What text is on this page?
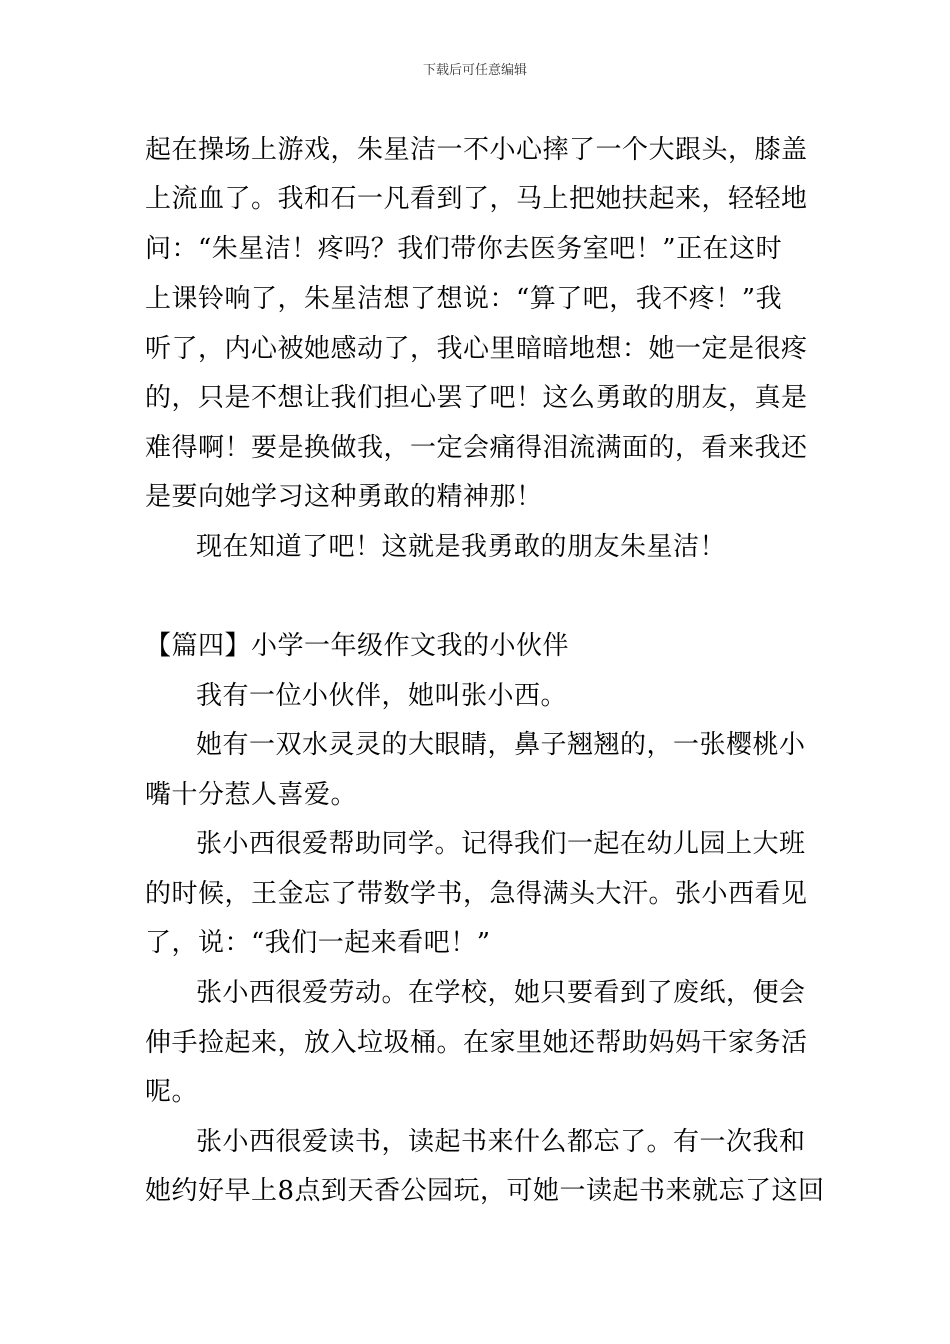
下载后可任意编辑
起在操场上游戏，朱星洁一不小心摔了一个大跟头，膝盖
上流血了。我和石一凡看到了，马上把她扶起来，轻轻地
问：“朱星洁！疼吗？我们带你去医务室吧！”正在这时
上课铃响了，朱星洁想了想说：“算了吧，我不疼！”我
听了，内心被她感动了，我心里暗暗地想：她一定是很疼
的，只是不想让我们担心罢了吧！这么勇敢的朋友，真是
难得啊！要是换做我，一定会痛得泪流满面的，看来我还
是要向她学习这种勇敢的精神那！
现在知道了吧！这就是我勇敢的朋友朱星洁！
【篇四】小学一年级作文我的小伙伴
我有一位小伙伴，她叫张小西。
她有一双水灵灵的大眼睛，鼻子翘翘的，一张樱桃小
嘴十分惹人喜爱。
张小西很爱帮助同学。记得我们一起在幼儿园上大班
的时候，王金忘了带数学书，急得满头大汗。张小西看见
了，说：“我们一起来看吧！”
张小西很爱劳动。在学校，她只要看到了废纸，便会
伸手捡起来，放入垃圾桶。在家里她还帮助妈妈干家务活
呢。
张小西很爱读书，读起书来什么都忘了。有一次我和
她约好早上8点到天香公园玩，可她一读起书来就忘了这回
